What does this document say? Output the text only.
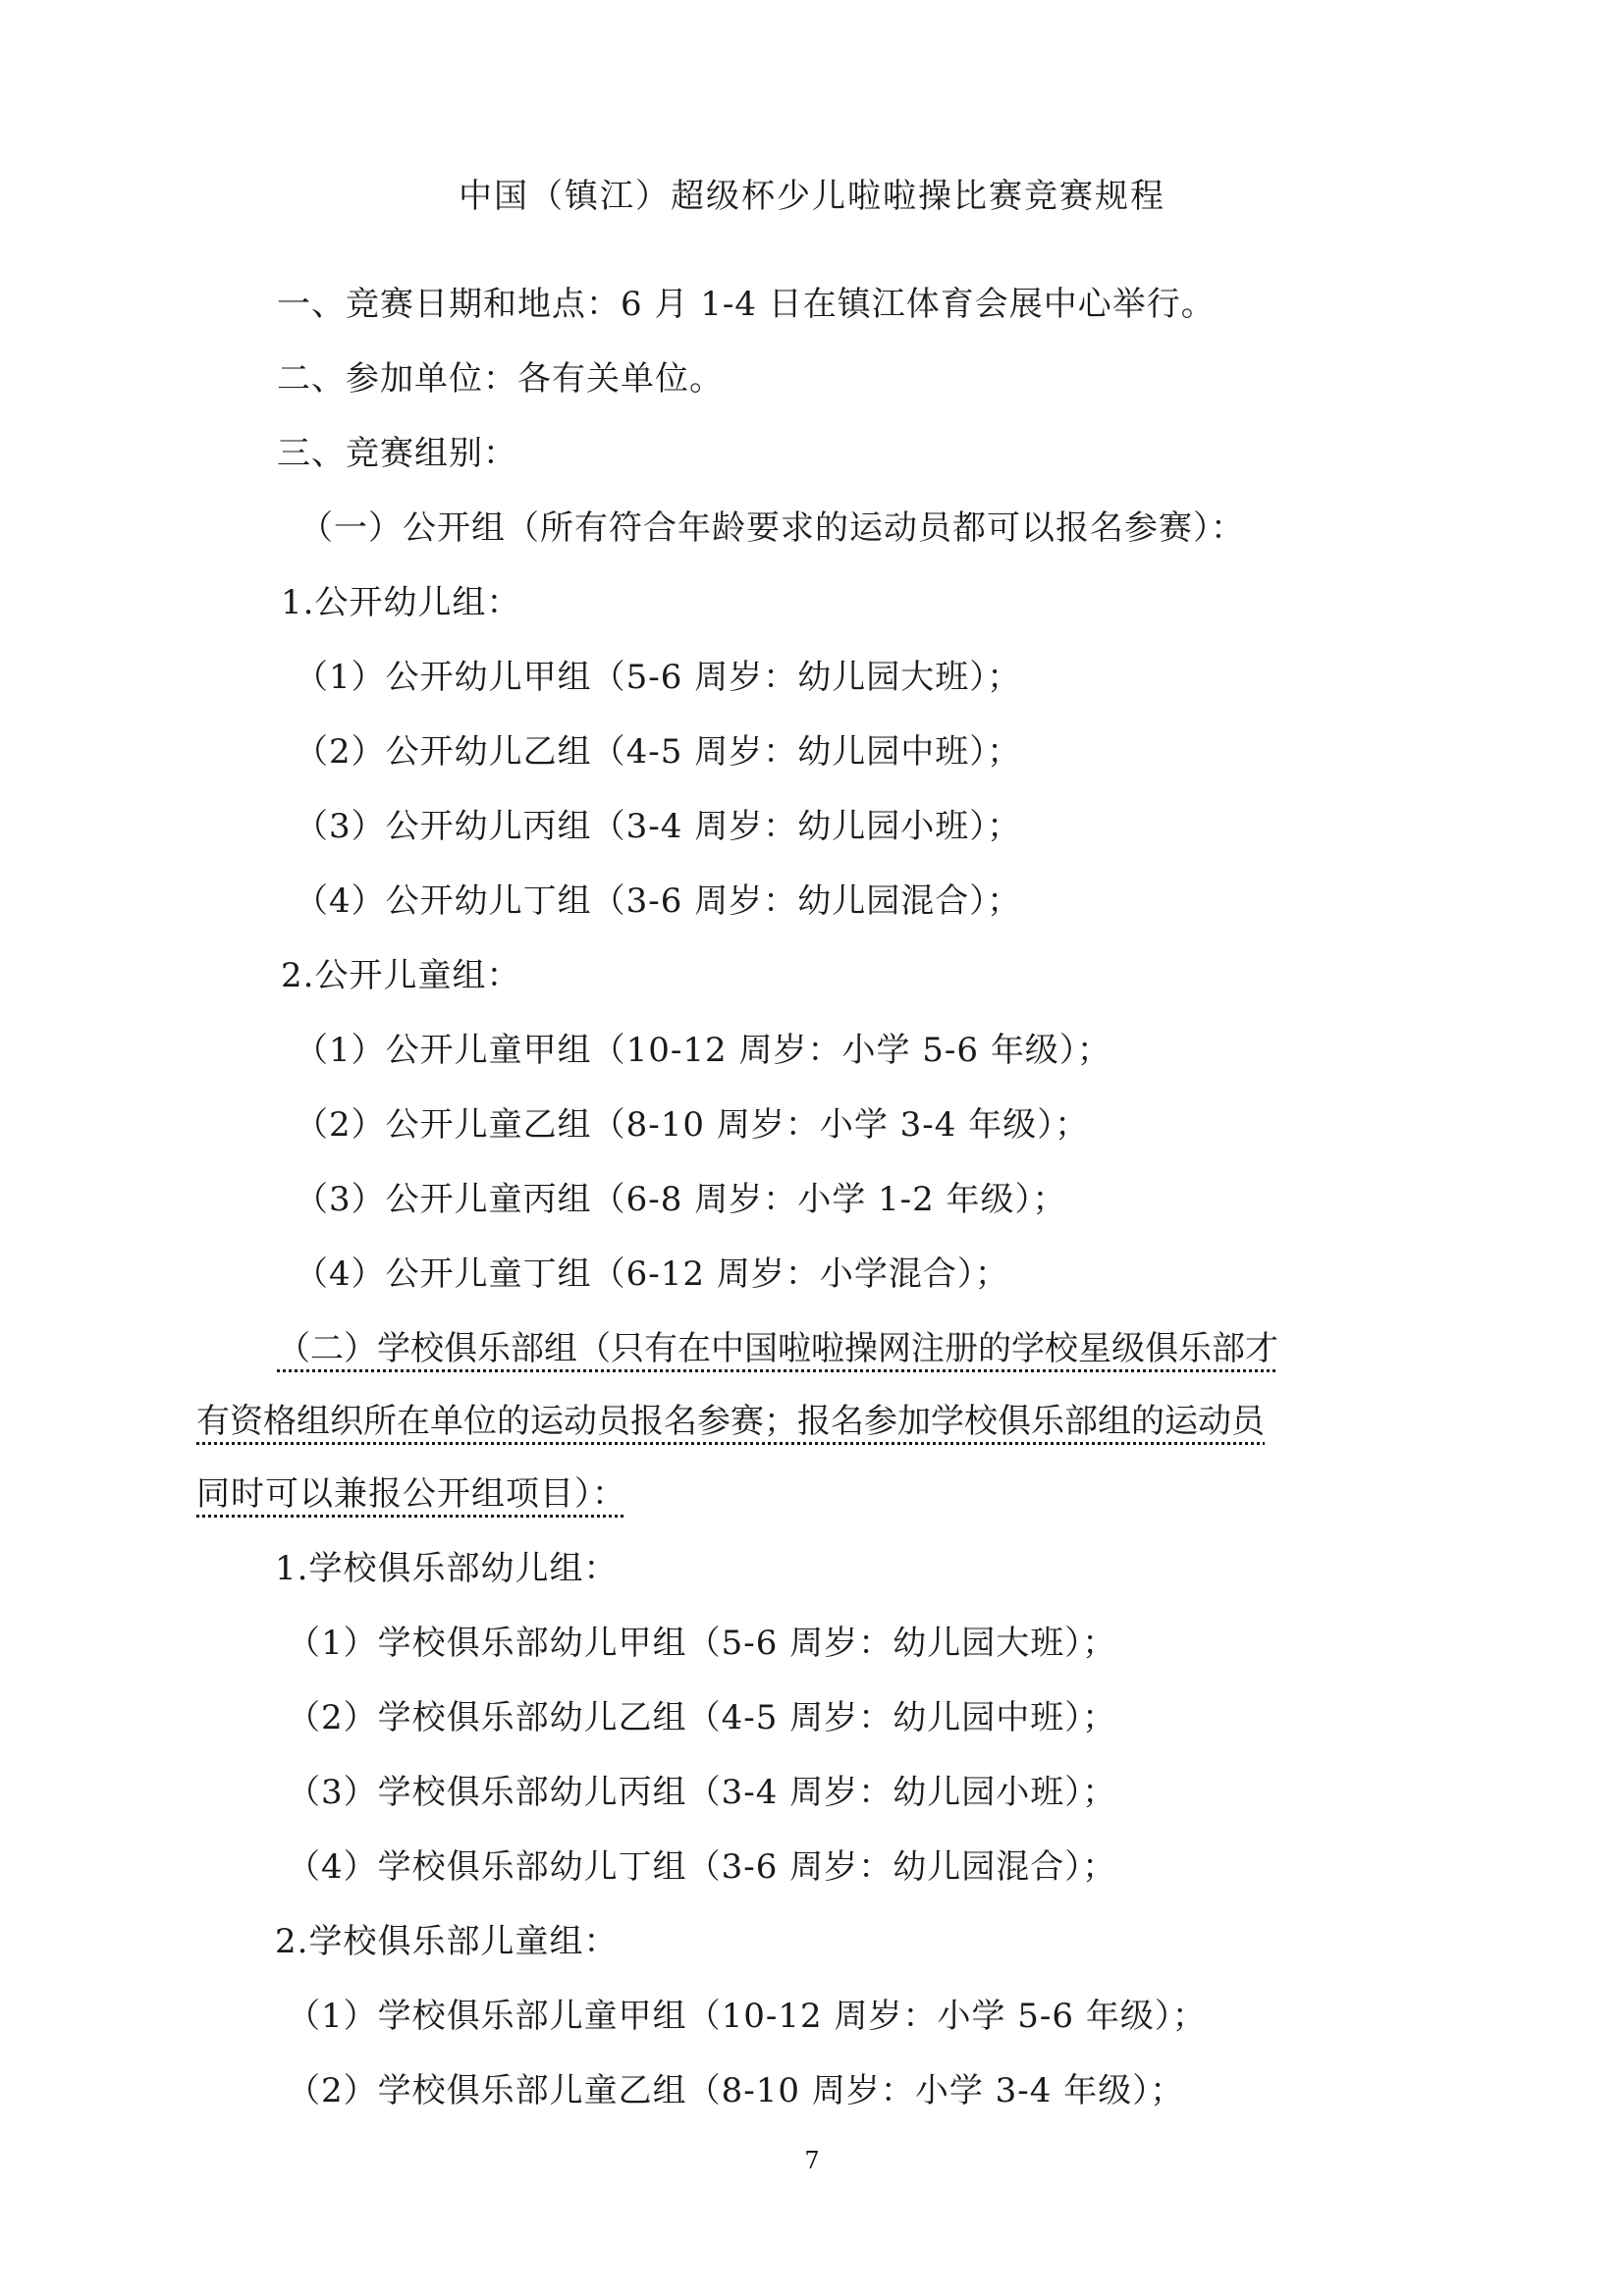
中国（镇江）超级杯少儿啦啦操比赛竞赛规程
一、竞赛日期和地点：6 月 1-4 日在镇江体育会展中心举行。
二、参加单位：各有关单位。
三、竞赛组别：
（一）公开组（所有符合年龄要求的运动员都可以报名参赛）：
1.公开幼儿组：
（1）公开幼儿甲组（5-6 周岁：幼儿园大班）；
（2）公开幼儿乙组（4-5 周岁：幼儿园中班）；
（3）公开幼儿丙组（3-4 周岁：幼儿园小班）；
（4）公开幼儿丁组（3-6 周岁：幼儿园混合）；
2.公开儿童组：
（1）公开儿童甲组（10-12 周岁：小学 5-6 年级）；
（2）公开儿童乙组（8-10 周岁：小学 3-4 年级）；
（3）公开儿童丙组（6-8 周岁：小学 1-2 年级）；
（4）公开儿童丁组（6-12 周岁：小学混合）；
（二）学校俱乐部组（只有在中国啦啦操网注册的学校星级俱乐部才
有资格组织所在单位的运动员报名参赛；报名参加学校俱乐部组的运动员
同时可以兼报公开组项目）：
1.学校俱乐部幼儿组：
（1）学校俱乐部幼儿甲组（5-6 周岁：幼儿园大班）；
（2）学校俱乐部幼儿乙组（4-5 周岁：幼儿园中班）；
（3）学校俱乐部幼儿丙组（3-4 周岁：幼儿园小班）；
（4）学校俱乐部幼儿丁组（3-6 周岁：幼儿园混合）；
2.学校俱乐部儿童组：
（1）学校俱乐部儿童甲组（10-12 周岁：小学 5-6 年级）；
（2）学校俱乐部儿童乙组（8-10 周岁：小学 3-4 年级）；
7
